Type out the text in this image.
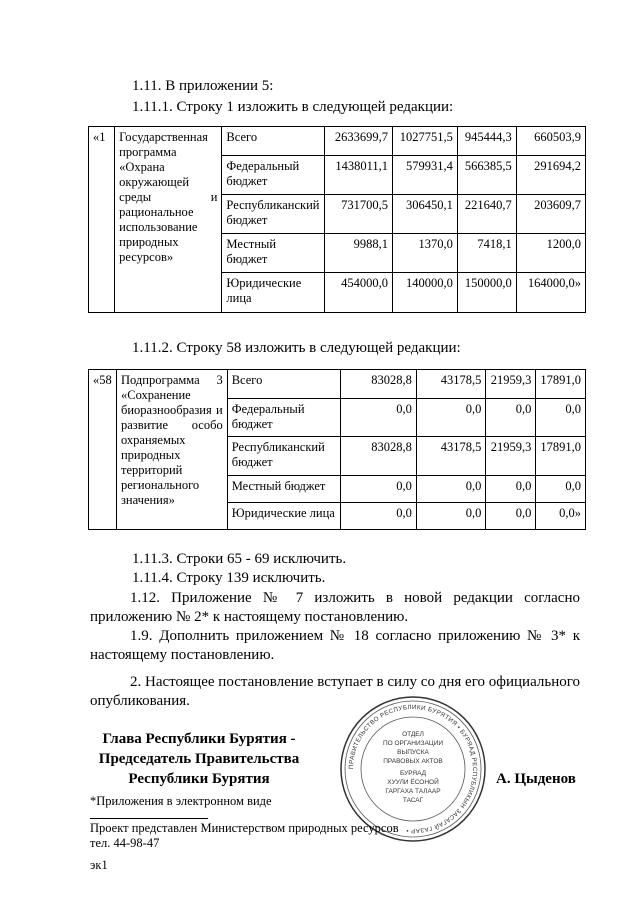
1.11. В приложении 5:
1.11.1. Строку 1 изложить в следующей редакции:
«1	Государственная программа «Охрана окружающей среды и рациональное использование природных ресурсов»	Всего	2633699,7	1027751,5	945444,3	660503,9
		Федеральный бюджет	1438011,1	579931,4	566385,5	291694,2
		Республиканский бюджет	731700,5	306450,1	221640,7	203609,7
		Местный бюджет	9988,1	1370,0	7418,1	1200,0
		Юридические лица	454000,0	140000,0	150000,0	164000,0»
1.11.2. Строку 58 изложить в следующей редакции:
«58	Подпрограмма 3 «Сохранение биоразнообразия и развитие особо охраняемых природных территорий регионального значения»	Всего	83028,8	43178,5	21959,3	17891,0
		Федеральный бюджет	0,0	0,0	0,0	0,0
		Республиканский бюджет	83028,8	43178,5	21959,3	17891,0
		Местный бюджет	0,0	0,0	0,0	0,0
		Юридические лица	0,0	0,0	0,0	0,0»
1.11.3. Строки 65 - 69 исключить.
1.11.4. Строку 139 исключить.
1.12. Приложение № 7 изложить в новой редакции согласно приложению № 2* к настоящему постановлению.
1.9. Дополнить приложением № 18 согласно приложению № 3* к настоящему постановлению.
2. Настоящее постановление вступает в силу со дня его официального опубликования.
Глава Республики Бурятия -
Председатель Правительства
Республики Бурятия	А. Цыденов
ПРАВИТЕЛЬСТВО РЕСПУБЛИКИ БУРЯТИЯ • БУРЯАД РЕСПУБЛИКЫН ЗАСАГАЙ ГАЗАР •
ОТДЕЛ
ПО ОРГАНИЗАЦИИ
ВЫПУСКА
ПРАВОВЫХ АКТОВ
БУРЯАД
ХУУЛИ ЁСОНОЙ
ГАРГАХА ТАЛААР
ТАСАГ
*Приложения в электронном виде
Проект представлен Министерством природных ресурсов
тел. 44-98-47
эк1
